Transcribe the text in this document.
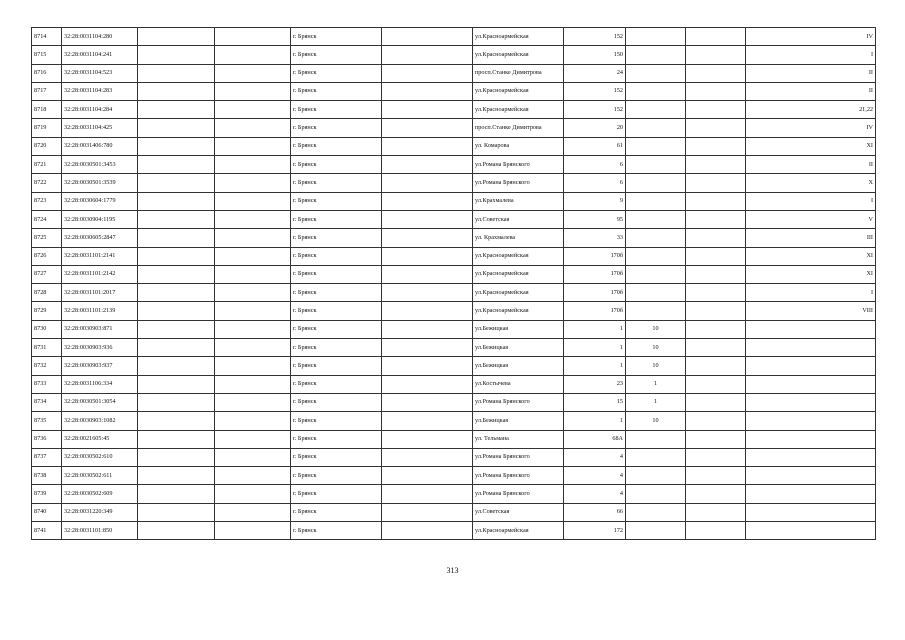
8714	32:28:0031104:280			г. Брянск		ул.Красноармейская	152			IV
8715	32:28:0031104:241			г. Брянск		ул.Красноармейская	150			I
8716	32:28:0031104:523			г. Брянск		просп.Станке Димитрова	24			II
8717	32:28:0031104:283			г. Брянск		ул.Красноармейская	152			II
8718	32:28:0031104:284			г. Брянск		ул.Красноармейская	152			21,22
8719	32:28:0031104:425			г. Брянск		просп.Станке Димитрова	20			IV
8720	32:28:0031406:780			г. Брянск		ул. Комарова	61			XI
8721	32:28:0030501:3453			г. Брянск		ул.Романа Брянского	6			II
8722	32:28:0030501:3539			г. Брянск		ул.Романа Брянского	6			X
8723	32:28:0030604:1779			г. Брянск		ул.Крахмалева	9			I
8724	32:28:0030904:1195			г. Брянск		ул.Советская	95			V
8725	32:28:0030605:2847			г. Брянск		ул. Крахмалева	33			III
8726	32:28:0031101:2141			г. Брянск		ул.Красноармейская	170б			XI
8727	32:28:0031101:2142			г. Брянск		ул.Красноармейская	170б			XI
8728	32:28:0031101:2017			г. Брянск		ул.Красноармейская	170б			I
8729	32:28:0031101:2139			г. Брянск		ул.Красноармейская	170б			VIII
8730	32:28:0030903:871			г. Брянск		ул.Бежицкая	1	10		
8731	32:28:0030903:936			г. Брянск		ул.Бежицкая	1	10		
8732	32:28:0030903:937			г. Брянск		ул.Бежицкая	1	10		
8733	32:28:0031106:334			г. Брянск		ул.Костычева	23	1		
8734	32:28:0030501:3054			г. Брянск		ул.Романа Брянского	15	1		
8735	32:28:0030903:1082			г. Брянск		ул.Бежицкая	1	10		
8736	32:28:0021605:45			г. Брянск		ул. Тельмана	68А			
8737	32:28:0030502:610			г. Брянск		ул.Романа Брянского	4			
8738	32:28:0030502:611			г. Брянск		ул.Романа Брянского	4			
8739	32:28:0030502:609			г. Брянск		ул.Романа Брянского	4			
8740	32:28:0031220:349			г. Брянск		ул.Советская	66			
8741	32:28:0031101:850			г. Брянск		ул.Красноармейская	172			
313
